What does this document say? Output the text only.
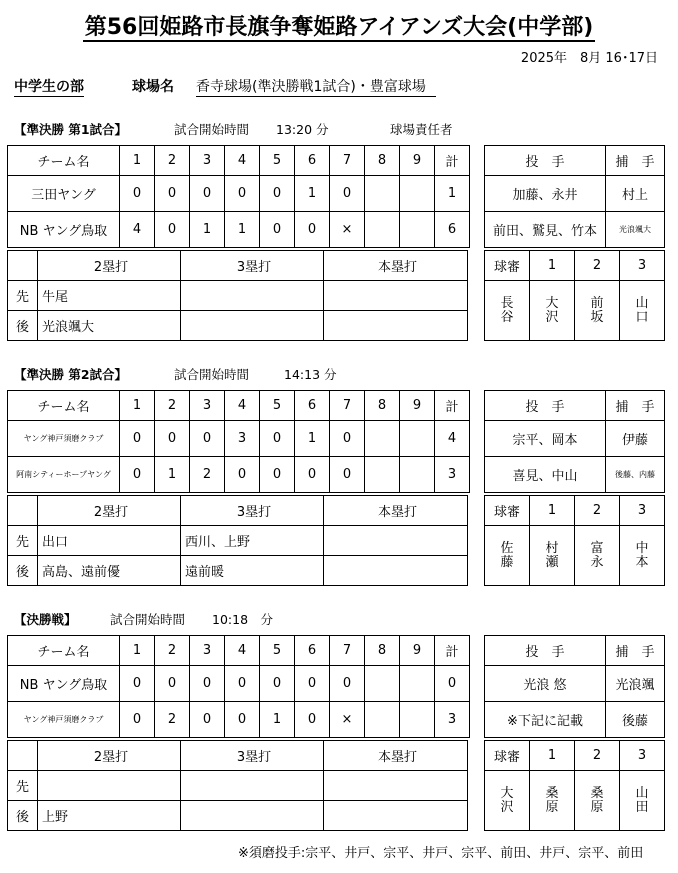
第56回姫路市長旗争奪姫路アイアンズ大会(中学部)
2025年　8月 16･17日
中学生の部	球場名 香寺球場(準決勝戦1試合)・豊富球場
【準決勝 第1試合】	試合開始時間 13:20 分	球場責任者
チーム名	1	2	3	4	5	6	7	8	9	計
三田ヤング	0	0	0	0	0	1	0			1
NB ヤング鳥取	4	0	1	1	0	0	×			6
	2塁打	3塁打	本塁打
先	牛尾		
後	光浪颯大		
投　手	捕　手
加藤、永井	村上
前田、鷲見、竹本	光浪颯大
球審	1	2	3
長谷	大沢	前坂	山口
【準決勝 第2試合】	試合開始時間	14:13 分
チーム名	1	2	3	4	5	6	7	8	9	計
ヤング神戸須磨クラブ	0	0	0	3	0	1	0			4
阿南シティーホープヤング	0	1	2	0	0	0	0			3
	2塁打	3塁打	本塁打
先	出口	西川、上野	
後	高島、遠前優	遠前暖	
投　手	捕　手
宗平、岡本	伊藤
喜見、中山	後藤、内藤
球審	1	2	3
佐藤	村瀬	富永	中本
【決勝戦】	試合開始時間 10:18　分
チーム名	1	2	3	4	5	6	7	8	9	計
NB ヤング鳥取	0	0	0	0	0	0	0			0
ヤング神戸須磨クラブ	0	2	0	0	1	0	×			3
	2塁打	3塁打	本塁打
先			
後	上野		
投　手	捕　手
光浪 悠	光浪颯
※下記に記載	後藤
球審	1	2	3
大沢	桑原	桑原	山田
※須磨投手:宗平、井戸、宗平、井戸、宗平、前田、井戸、宗平、前田
